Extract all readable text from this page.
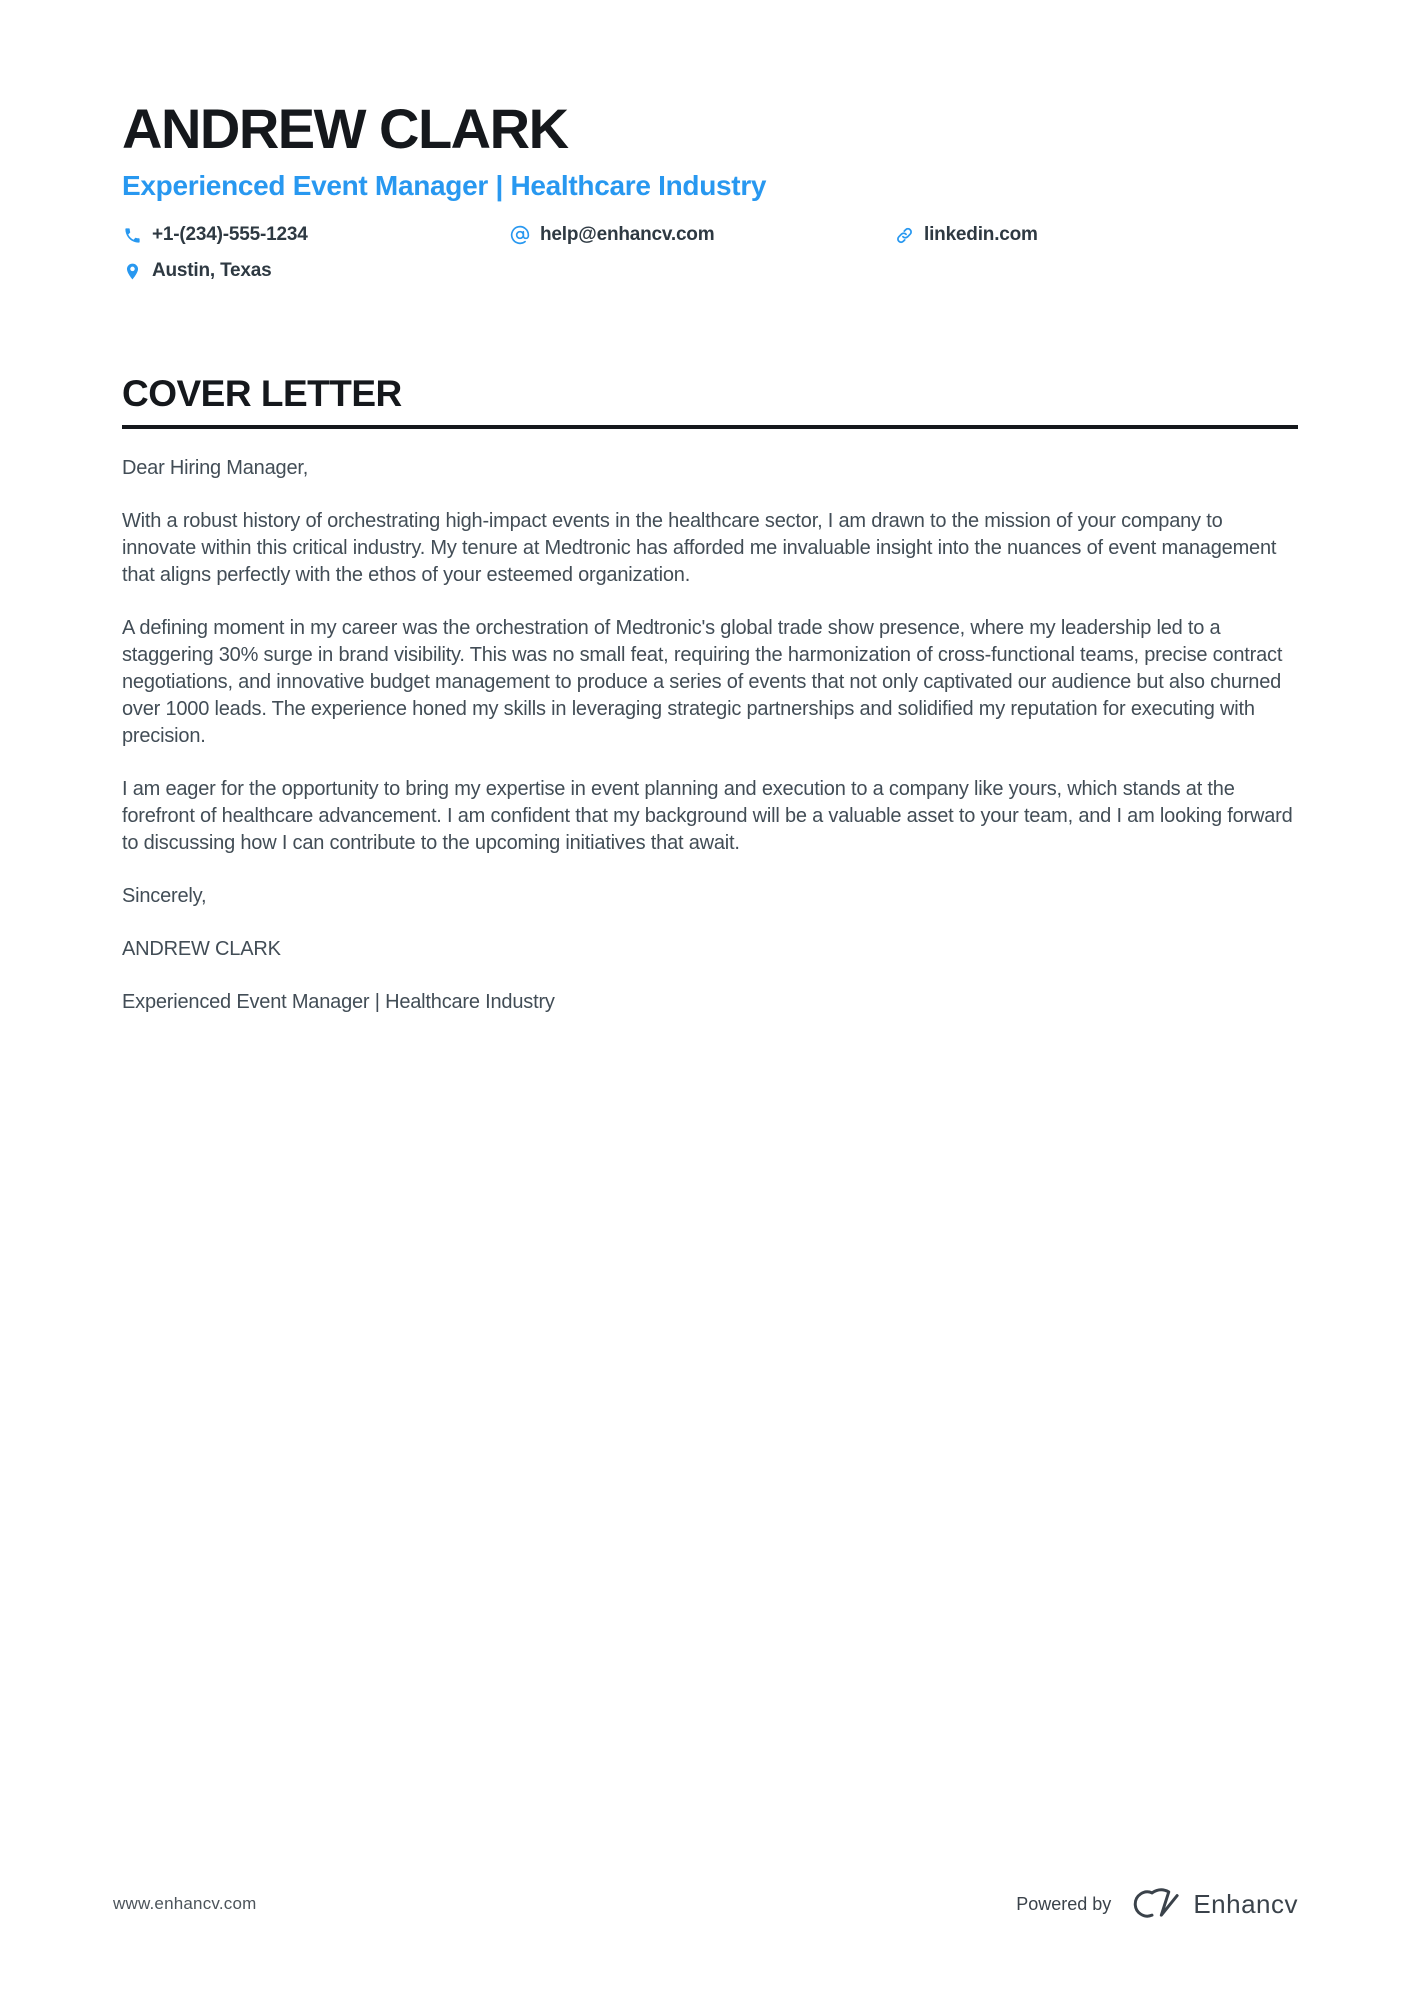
ANDREW CLARK
Experienced Event Manager | Healthcare Industry
+1-(234)-555-1234	help@enhancv.com	linkedin.com
Austin, Texas
COVER LETTER

Dear Hiring Manager,

With a robust history of orchestrating high-impact events in the healthcare sector, I am drawn to the mission of your company to innovate within this critical industry. My tenure at Medtronic has afforded me invaluable insight into the nuances of event management that aligns perfectly with the ethos of your esteemed organization.

A defining moment in my career was the orchestration of Medtronic's global trade show presence, where my leadership led to a staggering 30% surge in brand visibility. This was no small feat, requiring the harmonization of cross-functional teams, precise contract negotiations, and innovative budget management to produce a series of events that not only captivated our audience but also churned over 1000 leads. The experience honed my skills in leveraging strategic partnerships and solidified my reputation for executing with precision.

I am eager for the opportunity to bring my expertise in event planning and execution to a company like yours, which stands at the forefront of healthcare advancement. I am confident that my background will be a valuable asset to your team, and I am looking forward to discussing how I can contribute to the upcoming initiatives that await.

Sincerely,

ANDREW CLARK

Experienced Event Manager | Healthcare Industry

www.enhancv.com	Powered by	Enhancv
